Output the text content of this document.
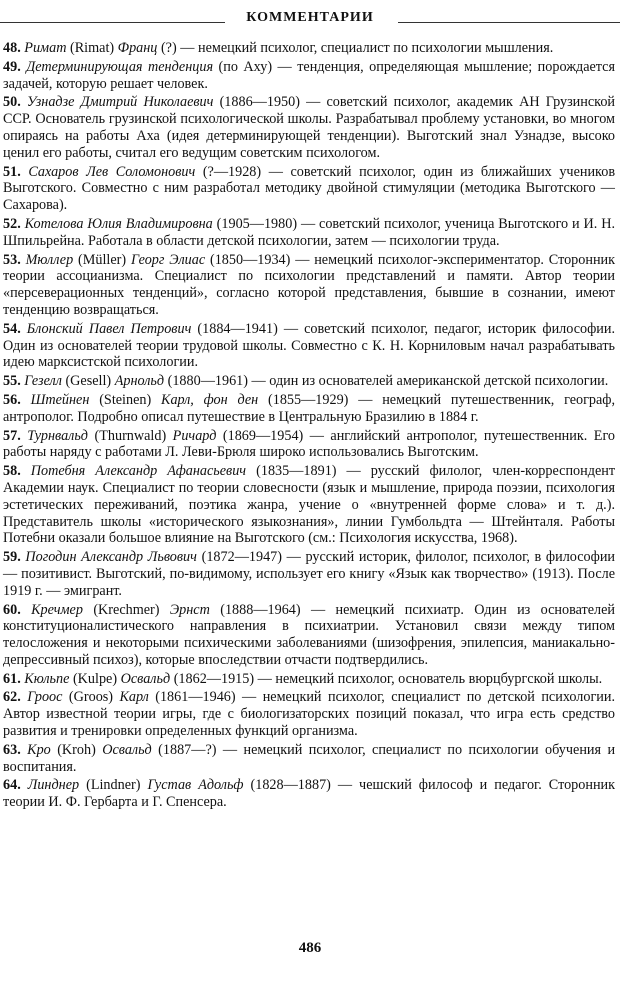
КОММЕНТАРИИ

48. Римат (Rimat) Франц (?) — немецкий психолог, специалист по психологии мышления.

49. Детерминирующая тенденция (по Аху) — тенденция, определяющая мышление; порождается задачей, которую решает человек.

50. Узнадзе Дмитрий Николаевич (1886—1950) — советский психолог, академик АН Грузинской ССР. Основатель грузинской психологической школы. Разрабатывал проблему установки, во многом опираясь на работы Аха (идея детерминирующей тенденции). Выготский знал Узнадзе, высоко ценил его работы, считал его ведущим советским психологом.

51. Сахаров Лев Соломонович (?—1928) — советский психолог, один из ближайших учеников Выготского. Совместно с ним разработал методику двойной стимуляции (методика Выготского — Сахарова).

52. Котелова Юлия Владимировна (1905—1980) — советский психолог, ученица Выготского и И. Н. Шпильрейна. Работала в области детской психологии, затем — психологии труда.

53. Мюллер (Müller) Георг Элиас (1850—1934) — немецкий психолог-экспериментатор. Сторонник теории ассоцианизма. Специалист по психологии представлений и памяти. Автор теории «персеверационных тенденций», согласно которой представления, бывшие в сознании, имеют тенденцию возвращаться.

54. Блонский Павел Петрович (1884—1941) — советский психолог, педагог, историк философии. Один из основателей теории трудовой школы. Совместно с К. Н. Корниловым начал разрабатывать идею марксистской психологии.

55. Гезелл (Gesell) Арнольд (1880—1961) — один из основателей американской детской психологии.

56. Штейнен (Steinen) Карл, фон ден (1855—1929) — немецкий путешественник, географ, антрополог. Подробно описал путешествие в Центральную Бразилию в 1884 г.

57. Турнвальд (Thurnwald) Ричард (1869—1954) — английский антрополог, путешественник. Его работы наряду с работами Л. Леви-Брюля широко использовались Выготским.

58. Потебня Александр Афанасьевич (1835—1891) — русский филолог, член-корреспондент Академии наук. Специалист по теории словесности (язык и мышление, природа поэзии, психология эстетических переживаний, поэтика жанра, учение о «внутренней форме слова» и т. д.). Представитель школы «исторического языкознания», линии Гумбольдта — Штейнталя. Работы Потебни оказали большое влияние на Выготского (см.: Психология искусства, 1968).

59. Погодин Александр Львович (1872—1947) — русский историк, филолог, психолог, в философии — позитивист. Выготский, по-видимому, использует его книгу «Язык как творчество» (1913). После 1919 г. — эмигрант.

60. Кречмер (Krechmer) Эрнст (1888—1964) — немецкий психиатр. Один из основателей конституционалистического направления в психиатрии. Установил связи между типом телосложения и некоторыми психическими заболеваниями (шизофрения, эпилепсия, маниакально-депрессивный психоз), которые впоследствии отчасти подтвердились.

61. Кюльпе (Kulpe) Освальд (1862—1915) — немецкий психолог, основатель вюрцбургской школы.

62. Гроос (Groos) Карл (1861—1946) — немецкий психолог, специалист по детской психологии. Автор известной теории игры, где с биологизаторских позиций показал, что игра есть средство развития и тренировки определенных функций организма.

63. Кро (Kroh) Освальд (1887—?) — немецкий психолог, специалист по психологии обучения и воспитания.

64. Линднер (Lindner) Густав Адольф (1828—1887) — чешский философ и педагог. Сторонник теории И. Ф. Гербарта и Г. Спенсера.

486
